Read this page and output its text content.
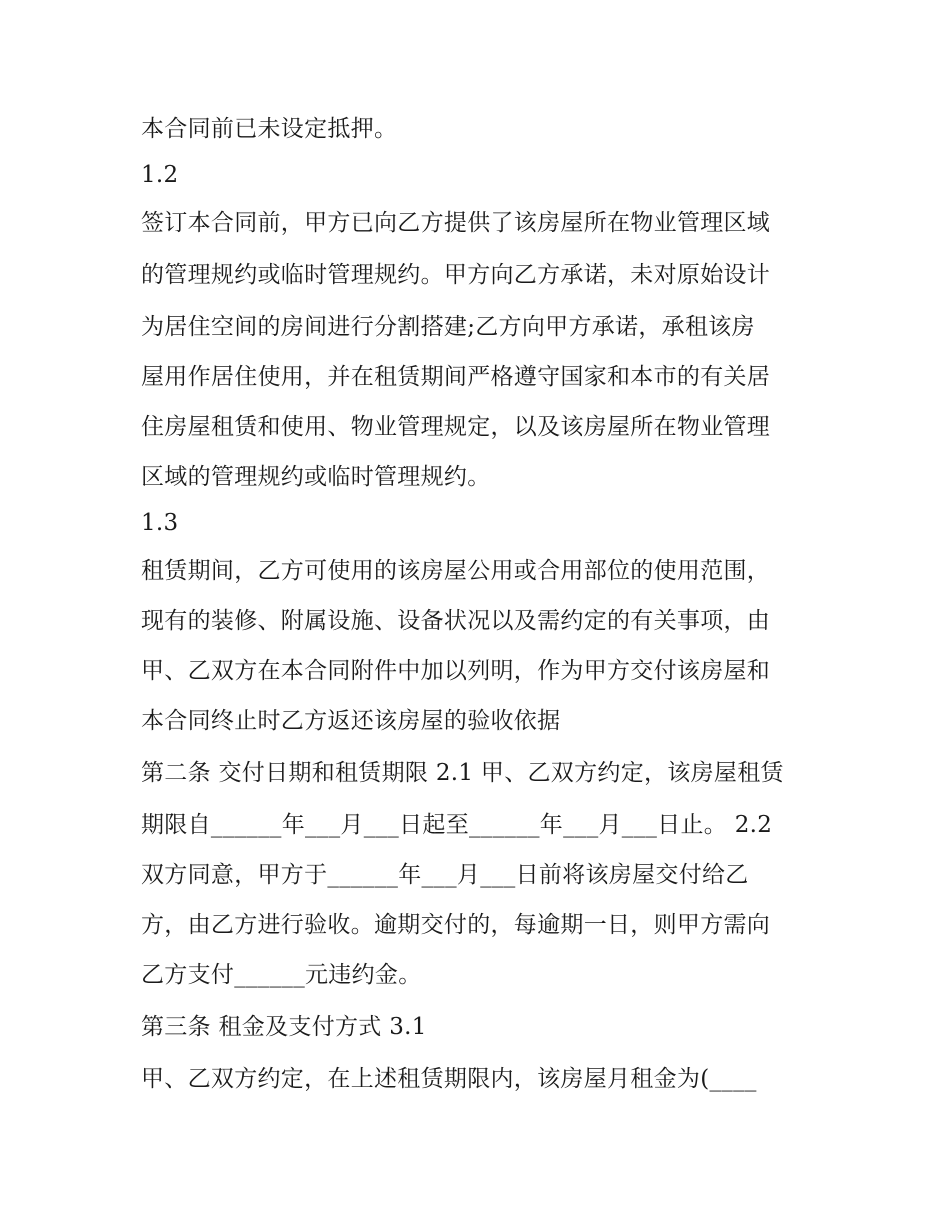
本合同前已未设定抵押。

1.2

签订本合同前，甲方已向乙方提供了该房屋所在物业管理区域

的管理规约或临时管理规约。甲方向乙方承诺，未对原始设计

为居住空间的房间进行分割搭建;乙方向甲方承诺，承租该房

屋用作居住使用，并在租赁期间严格遵守国家和本市的有关居

住房屋租赁和使用、物业管理规定，以及该房屋所在物业管理

区域的管理规约或临时管理规约。

1.3

租赁期间，乙方可使用的该房屋公用或合用部位的使用范围，

现有的装修、附属设施、设备状况以及需约定的有关事项，由

甲、乙双方在本合同附件中加以列明，作为甲方交付该房屋和

本合同终止时乙方返还该房屋的验收依据

第二条 交付日期和租赁期限 2.1 甲、乙双方约定，该房屋租赁

期限自______年___月___日起至______年___月___日止。 2.2

双方同意，甲方于______年___月___日前将该房屋交付给乙

方，由乙方进行验收。逾期交付的，每逾期一日，则甲方需向

乙方支付______元违约金。

第三条 租金及支付方式 3.1

甲、乙双方约定，在上述租赁期限内，该房屋月租金为(____
